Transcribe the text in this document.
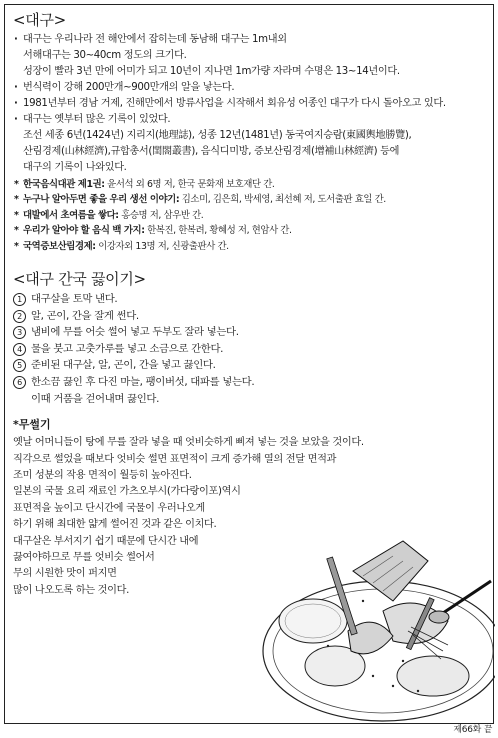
<대구>
· 대구는 우리나라 전 해안에서 잡히는데 동남해 대구는 1m내외
서해대구는 30~40cm 정도의 크기다.
성장이 빨라 3년 만에 어미가 되고 10년이 지나면 1m가량 자라며 수명은 13~14년이다.
· 번식력이 강해 200만개~900만개의 알을 낳는다.
· 1981년부터 경남 거제, 진해만에서 방류사업을 시작해서 회유성 어종인 대구가 다시 돌아오고 있다.
· 대구는 옛부터 많은 기록이 있었다.
조선 세종 6년(1424년) 지리지(地理誌), 성종 12년(1481년) 동국여지승람(東國輿地勝覽),
산림경제(山林經濟),규합총서(閨閤叢書), 음식디미방, 증보산림경제(增補山林經濟) 등에
대구의 기록이 나와있다.
* 한국음식대관 제1권: 윤서석 외 6명 저, 한국 문화재 보호재단 간.
* 누구나 알아두면 좋을 우리 생선 이야기: 김소미, 김은희, 박세영, 최선혜 저, 도서출판 효일 간.
* 대발에서 초여름을 쌓다: 홍승명 저, 삼우반 간.
* 우리가 알아야 할 음식 백 가지: 한복진, 한복려, 황혜성 저, 현암사 간.
* 국역증보산림경제: 이강자외 13명 저, 신광출판사 간.
<대구 간국 끓이기>
1 대구살을 토막 낸다.
2 알, 곤이, 간을 잘게 썬다.
3 냄비에 무를 어슷 썰어 넣고 두부도 잘라 넣는다.
4 물을 붓고 고춧가루를 넣고 소금으로 간한다.
5 준비된 대구살, 알, 곤이, 간을 넣고 끓인다.
6 한소끔 끓인 후 다진 마늘, 팽이버섯, 대파를 넣는다.
이때 거품을 걷어내며 끓인다.
*무썰기
옛날 어머니들이 탕에 무를 잘라 넣을 때 엇비슷하게 삐져 넣는 것을 보았을 것이다.
직각으로 썰었을 때보다 엇비슷 썰면 표면적이 크게 증가해 열의 전달 면적과
조미 성분의 작용 면적이 월등히 높아진다.
일본의 국물 요리 재료인 가츠오부시(가다랑이포)역시
표면적을 높이고 단시간에 국물이 우러나오게
하기 위해 최대한 얇게 썰어진 것과 같은 이치다.
대구살은 부서지기 쉽기 때문에 단시간 내에
끓여야하므로 무를 엇비슷 썰어서
무의 시원한 맛이 퍼지면
많이 나오도록 하는 것이다.
제66화 끝
